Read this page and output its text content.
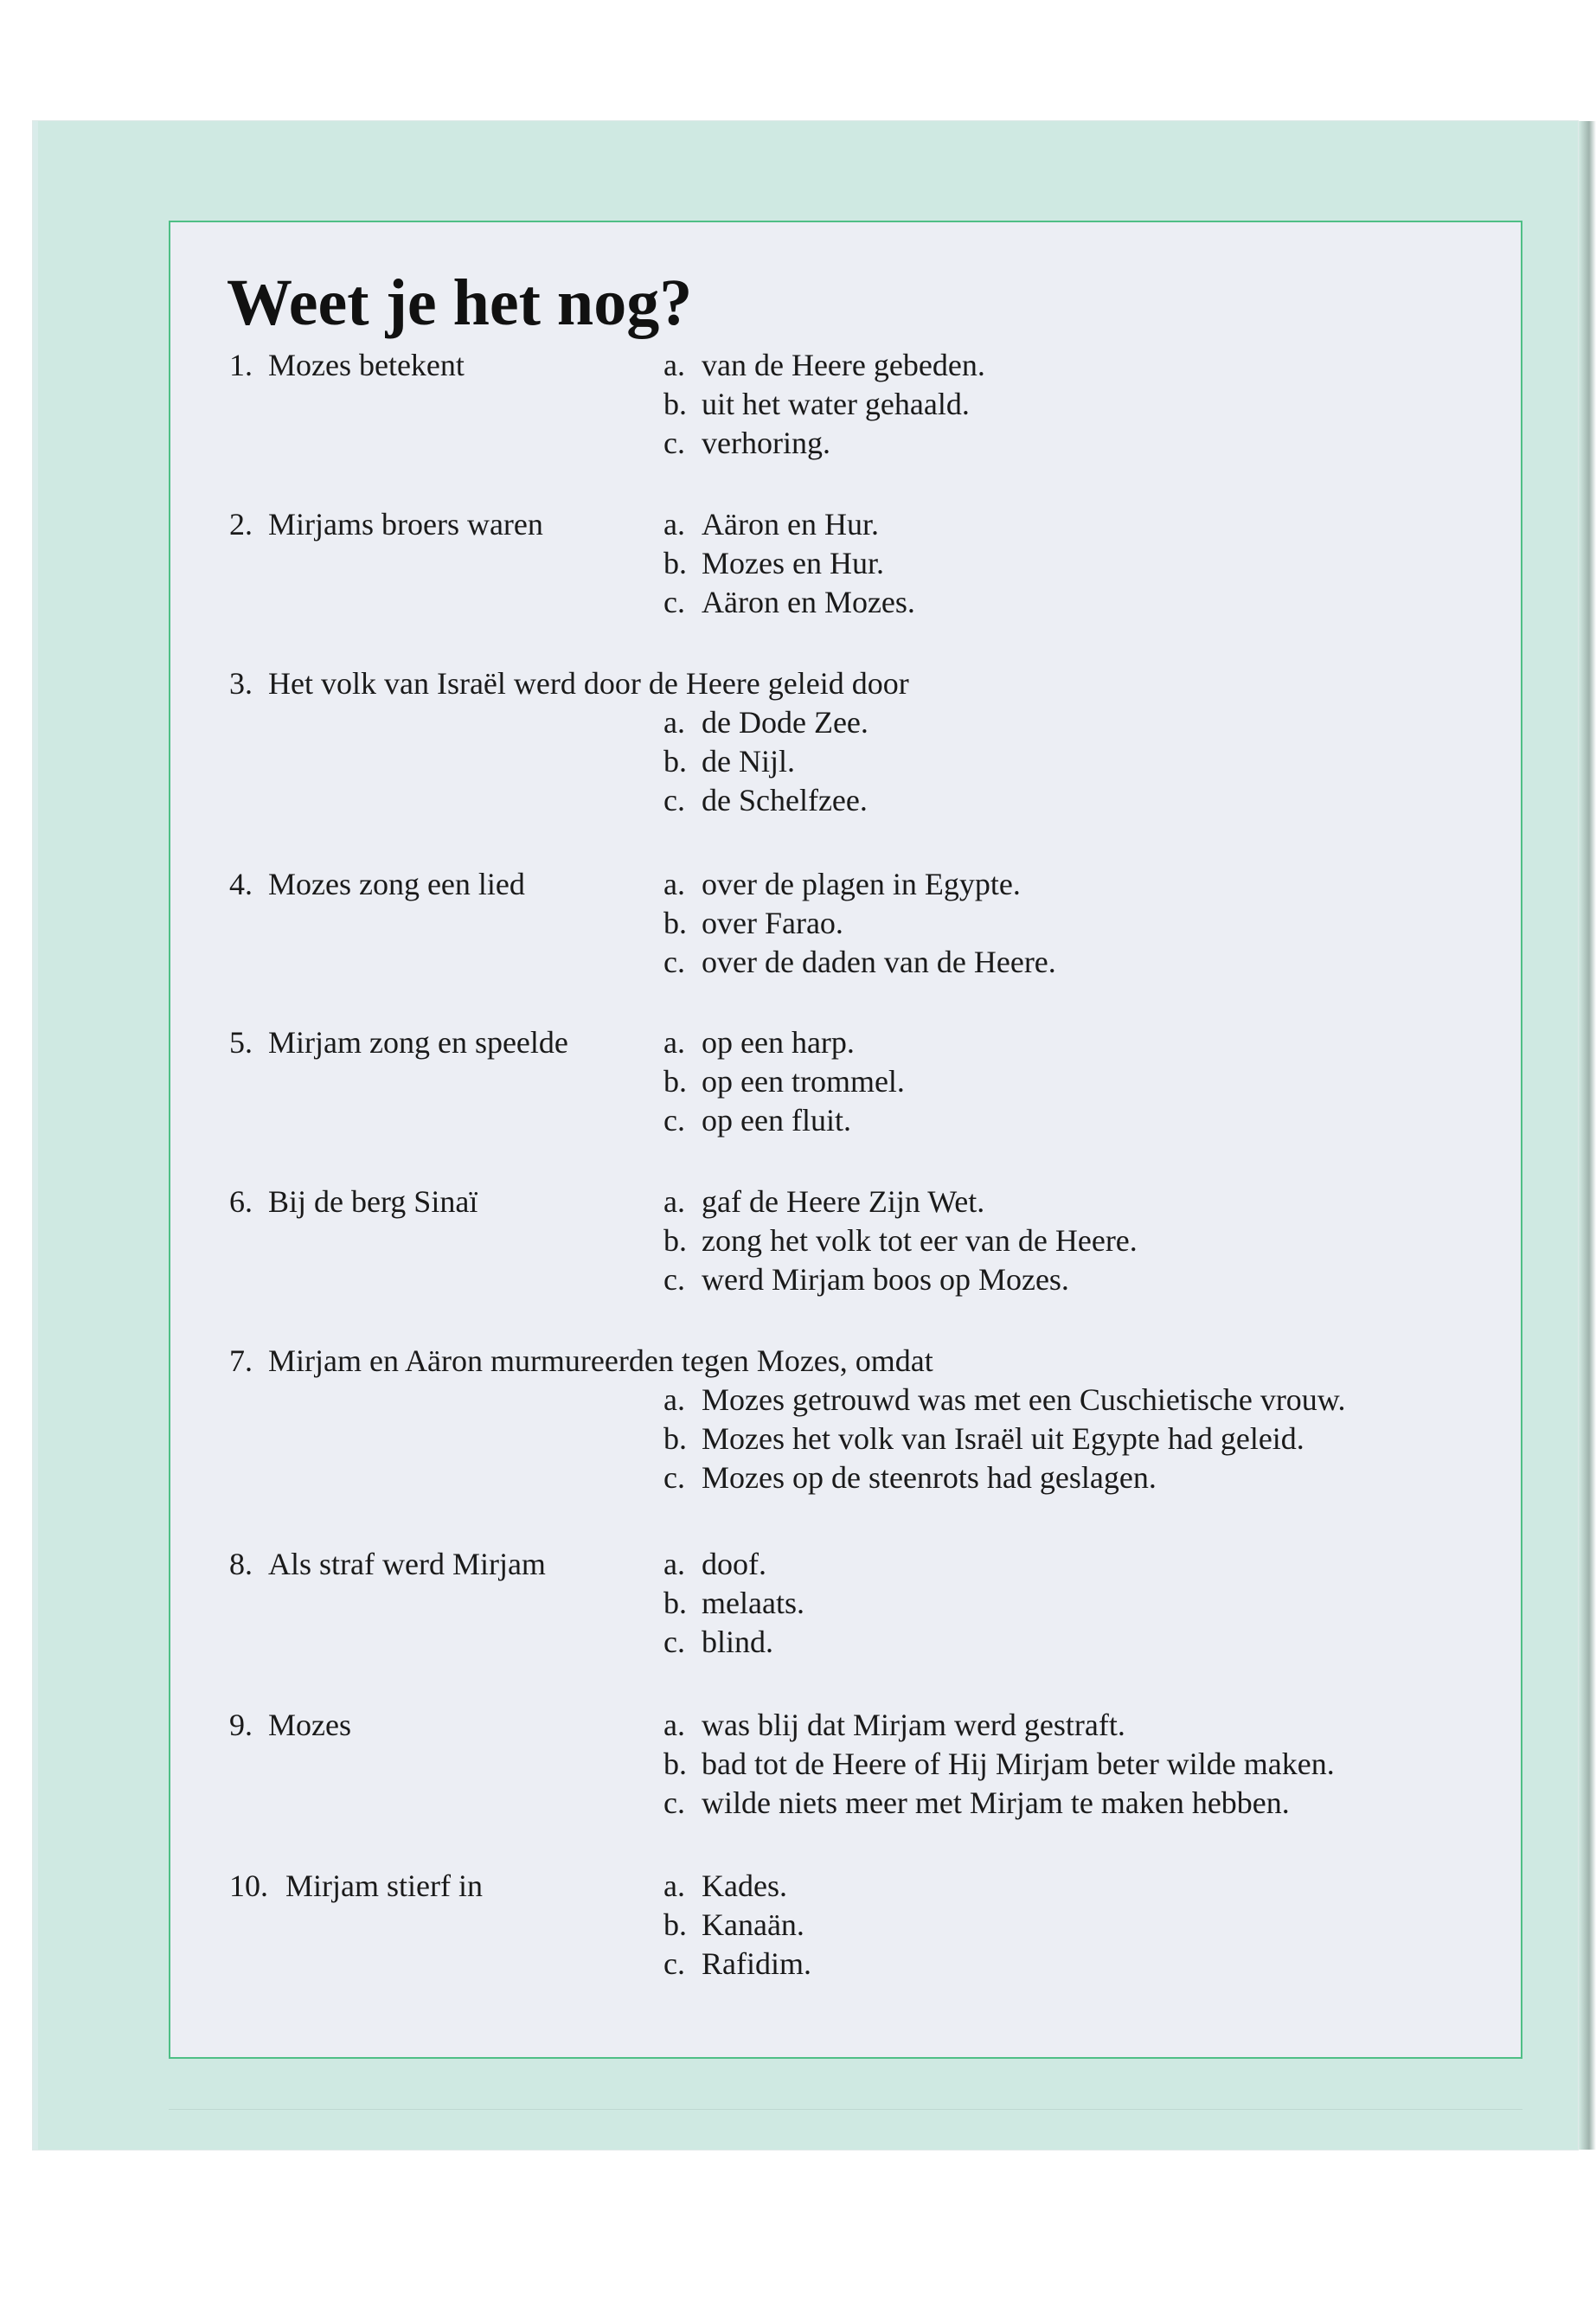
Weet je het nog?
1. Mozes betekent	a. van de Heere gebeden.
b. uit het water gehaald.
c. verhoring.
2. Mirjams broers waren	a. Aäron en Hur.
b. Mozes en Hur.
c. Aäron en Mozes.
3. Het volk van Israël werd door de Heere geleid door
a. de Dode Zee.
b. de Nijl.
c. de Schelfzee.
4. Mozes zong een lied	a. over de plagen in Egypte.
b. over Farao.
c. over de daden van de Heere.
5. Mirjam zong en speelde	a. op een harp.
b. op een trommel.
c. op een fluit.
6. Bij de berg Sinaï	a. gaf de Heere Zijn Wet.
b. zong het volk tot eer van de Heere.
c. werd Mirjam boos op Mozes.
7. Mirjam en Aäron murmureerden tegen Mozes, omdat
a. Mozes getrouwd was met een Cuschietische vrouw.
b. Mozes het volk van Israël uit Egypte had geleid.
c. Mozes op de steenrots had geslagen.
8. Als straf werd Mirjam	a. doof.
b. melaats.
c. blind.
9. Mozes	a. was blij dat Mirjam werd gestraft.
b. bad tot de Heere of Hij Mirjam beter wilde maken.
c. wilde niets meer met Mirjam te maken hebben.
10. Mirjam stierf in	a. Kades.
b. Kanaän.
c. Rafidim.
